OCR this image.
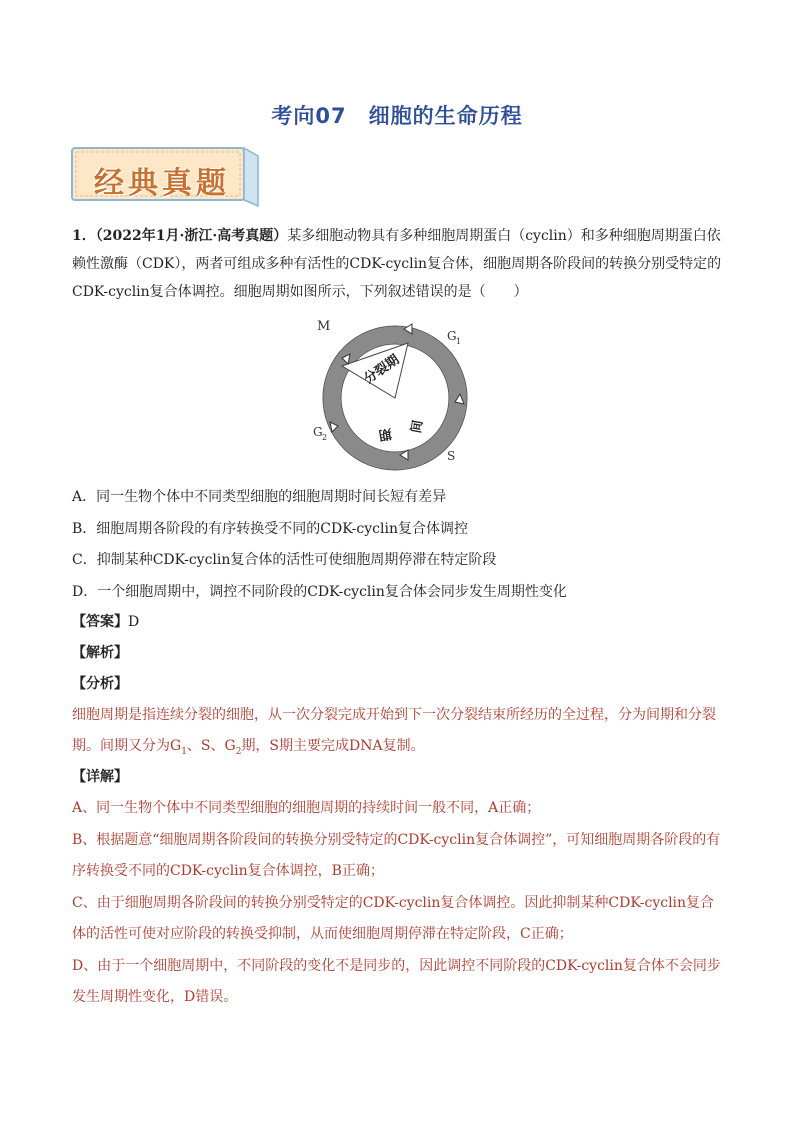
考向07　细胞的生命历程
经典真题
1．（2022年1月·浙江·高考真题）某多细胞动物具有多种细胞周期蛋白（cyclin）和多种细胞周期蛋白依赖性激酶（CDK），两者可组成多种有活性的CDK-cyclin复合体，细胞周期各阶段间的转换分别受特定的CDK-cyclin复合体调控。细胞周期如图所示，下列叙述错误的是（　　）
M
G 1
G 2
S
分裂期
间
期
A．同一生物个体中不同类型细胞的细胞周期时间长短有差异
B．细胞周期各阶段的有序转换受不同的CDK-cyclin复合体调控
C．抑制某种CDK-cyclin复合体的活性可使细胞周期停滞在特定阶段
D．一个细胞周期中，调控不同阶段的CDK-cyclin复合体会同步发生周期性变化
【答案】D
【解析】
【分析】
细胞周期是指连续分裂的细胞，从一次分裂完成开始到下一次分裂结束所经历的全过程，分为间期和分裂期。间期又分为$G_1$、S、$G_2$期，S期主要完成DNA复制。
【详解】
A、同一生物个体中不同类型细胞的细胞周期的持续时间一般不同，A正确；
B、根据题意“细胞周期各阶段间的转换分别受特定的CDK-cyclin复合体调控”，可知细胞周期各阶段的有序转换受不同的CDK-cyclin复合体调控，B正确；
C、由于细胞周期各阶段间的转换分别受特定的CDK-cyclin复合体调控。因此抑制某种CDK-cyclin复合体的活性可使对应阶段的转换受抑制，从而使细胞周期停滞在特定阶段，C正确；
D、由于一个细胞周期中，不同阶段的变化不是同步的，因此调控不同阶段的CDK-cyclin复合体不会同步发生周期性变化，D错误。
